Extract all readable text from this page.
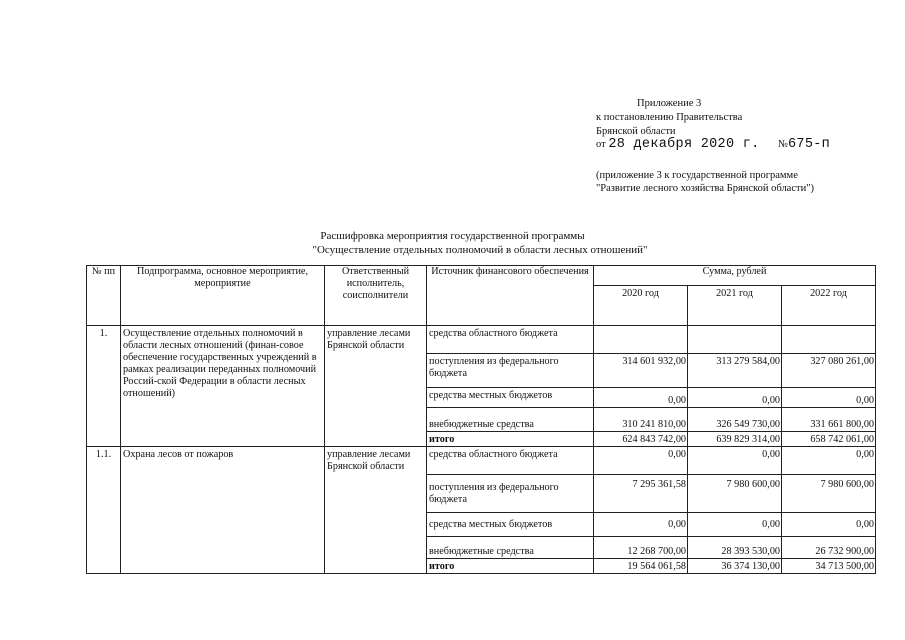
Приложение 3
к постановлению Правительства
Брянской области
от 28 декабря 2020 г. №675-п
(приложение 3 к государственной программе
"Развитие лесного хозяйства Брянской области")
Расшифровка мероприятия государственной программы
"Осуществление отдельных полномочий в области лесных отношений"
№ пп	Подпрограмма, основное мероприятие, мероприятие	Ответственный исполнитель, соисполнители	Источник финансового обеспечения	Сумма, рублей		
				2020 год	2021 год	2022 год
1.	Осуществление отдельных полномочий в области лесных отношений (финан-совое обеспечение государственных учреждений в рамках реализации переданных полномочий Россий-ской Федерации в области лесных отношений)	управление лесами Брянской области	средства областного бюджета			
			поступления из федерального бюджета	314 601 932,00	313 279 584,00	327 080 261,00
			средства местных бюджетов	0,00	0,00	0,00
			внебюджетные средства	310 241 810,00	326 549 730,00	331 661 800,00
			итого	624 843 742,00	639 829 314,00	658 742 061,00
1.1.	Охрана лесов от пожаров	управление лесами Брянской области	средства областного бюджета	0,00	0,00	0,00
			поступления из федерального бюджета	7 295 361,58	7 980 600,00	7 980 600,00
			средства местных бюджетов	0,00	0,00	0,00
			внебюджетные средства	12 268 700,00	28 393 530,00	26 732 900,00
			итого	19 564 061,58	36 374 130,00	34 713 500,00
